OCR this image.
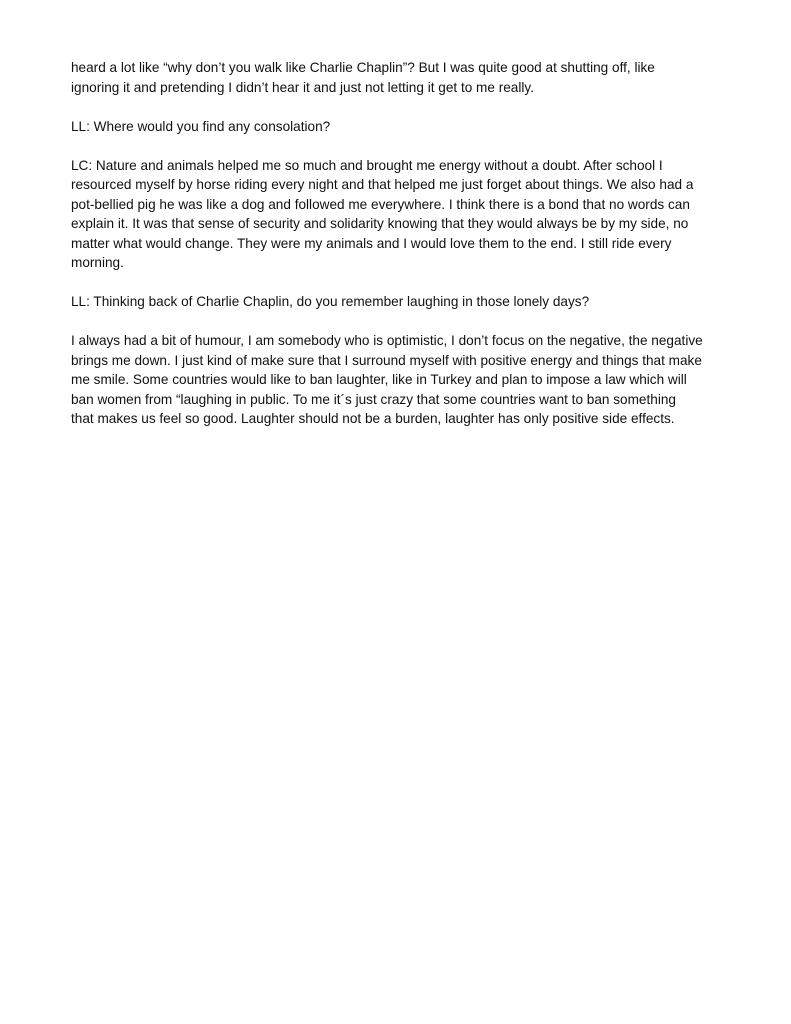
heard a lot like “why don’t you walk like Charlie Chaplin”? But I was quite good at shutting off, like
ignoring it and pretending I didn’t hear it and just not letting it get to me really.

LL: Where would you find any consolation?

LC: Nature and animals helped me so much and brought me energy without a doubt. After school I
resourced myself by horse riding every night and that helped me just forget about things. We also had a
pot-bellied pig he was like a dog and followed me everywhere. I think there is a bond that no words can
explain it. It was that sense of security and solidarity knowing that they would always be by my side, no
matter what would change. They were my animals and I would love them to the end. I still ride every
morning.

LL: Thinking back of Charlie Chaplin, do you remember laughing in those lonely days?

I always had a bit of humour, I am somebody who is optimistic, I don’t focus on the negative, the negative
brings me down. I just kind of make sure that I surround myself with positive energy and things that make
me smile. Some countries would like to ban laughter, like in Turkey and plan to impose a law which will
ban women from “laughing in public. To me it´s just crazy that some countries want to ban something
that makes us feel so good. Laughter should not be a burden, laughter has only positive side effects.
